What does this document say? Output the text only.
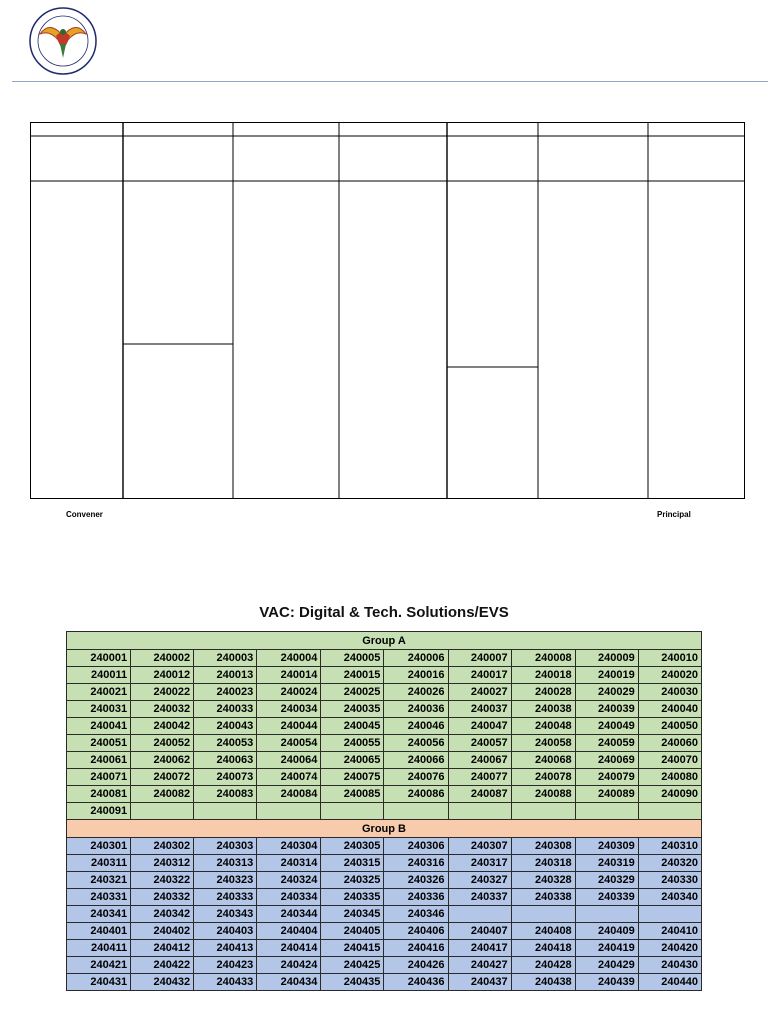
Convener	Principal
VAC: Digital & Tech. Solutions/EVS
Group A									
240001	240002	240003	240004	240005	240006	240007	240008	240009	240010
240011	240012	240013	240014	240015	240016	240017	240018	240019	240020
240021	240022	240023	240024	240025	240026	240027	240028	240029	240030
240031	240032	240033	240034	240035	240036	240037	240038	240039	240040
240041	240042	240043	240044	240045	240046	240047	240048	240049	240050
240051	240052	240053	240054	240055	240056	240057	240058	240059	240060
240061	240062	240063	240064	240065	240066	240067	240068	240069	240070
240071	240072	240073	240074	240075	240076	240077	240078	240079	240080
240081	240082	240083	240084	240085	240086	240087	240088	240089	240090
240091									
Group B									
240301	240302	240303	240304	240305	240306	240307	240308	240309	240310
240311	240312	240313	240314	240315	240316	240317	240318	240319	240320
240321	240322	240323	240324	240325	240326	240327	240328	240329	240330
240331	240332	240333	240334	240335	240336	240337	240338	240339	240340
240341	240342	240343	240344	240345	240346				
240401	240402	240403	240404	240405	240406	240407	240408	240409	240410
240411	240412	240413	240414	240415	240416	240417	240418	240419	240420
240421	240422	240423	240424	240425	240426	240427	240428	240429	240430
240431	240432	240433	240434	240435	240436	240437	240438	240439	240440
